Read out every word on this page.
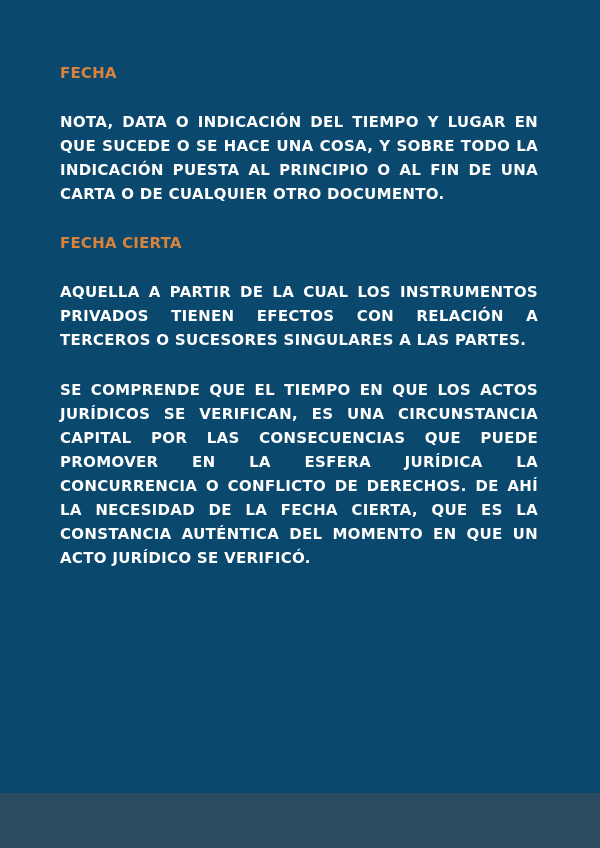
FECHA

NOTA, DATA O INDICACIÓN DEL TIEMPO Y LUGAR EN QUE SUCEDE O SE HACE UNA COSA, Y SOBRE TODO LA INDICACIÓN PUESTA AL PRINCIPIO O AL FIN DE UNA CARTA O DE CUALQUIER OTRO DOCUMENTO.

FECHA CIERTA

AQUELLA A PARTIR DE LA CUAL LOS INSTRUMENTOS PRIVADOS TIENEN EFECTOS CON RELACIÓN A TERCEROS O SUCESORES SINGULARES A LAS PARTES.

SE COMPRENDE QUE EL TIEMPO EN QUE LOS ACTOS JURÍDICOS SE VERIFICAN, ES UNA CIRCUNSTANCIA CAPITAL POR LAS CONSECUENCIAS QUE PUEDE PROMOVER EN LA ESFERA JURÍDICA LA CONCURRENCIA O CONFLICTO DE DERECHOS. DE AHÍ LA NECESIDAD DE LA FECHA CIERTA, QUE ES LA CONSTANCIA AUTÉNTICA DEL MOMENTO EN QUE UN ACTO JURÍDICO SE VERIFICÓ.
